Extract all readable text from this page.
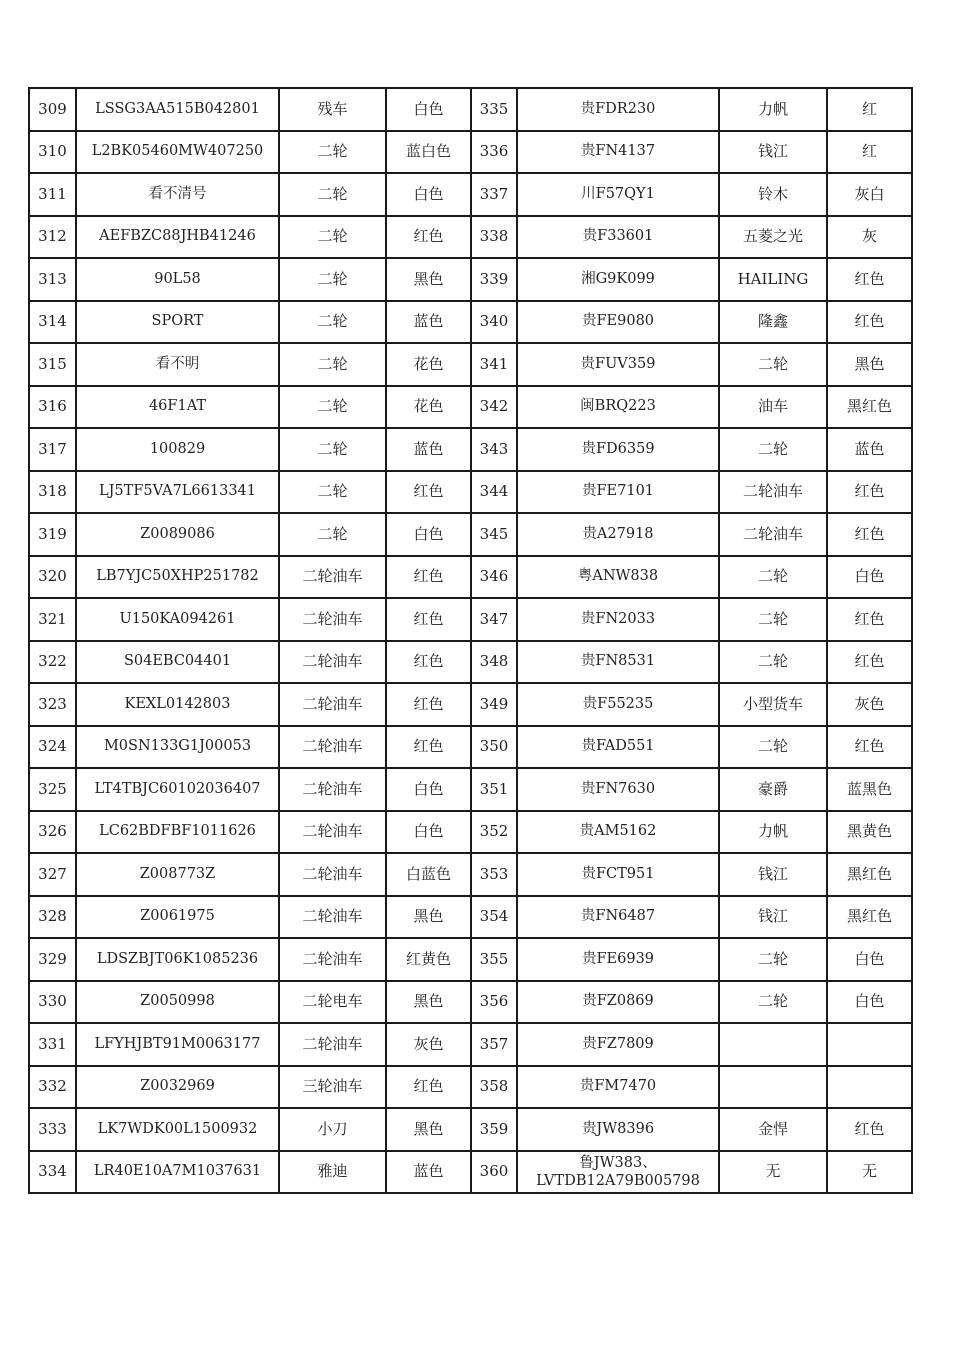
309	LSSG3AA515B042801	残车	白色	335	贵FDR230	力帆	红
310	L2BK05460MW407250	二轮	蓝白色	336	贵FN4137	钱江	红
311	看不清号	二轮	白色	337	川F57QY1	铃木	灰白
312	AEFBZC88JHB41246	二轮	红色	338	贵F33601	五菱之光	灰
313	90L58	二轮	黑色	339	湘G9K099	HAILING	红色
314	SPORT	二轮	蓝色	340	贵FE9080	隆鑫	红色
315	看不明	二轮	花色	341	贵FUV359	二轮	黑色
316	46F1AT	二轮	花色	342	闽BRQ223	油车	黑红色
317	100829	二轮	蓝色	343	贵FD6359	二轮	蓝色
318	LJ5TF5VA7L6613341	二轮	红色	344	贵FE7101	二轮油车	红色
319	Z0089086	二轮	白色	345	贵A27918	二轮油车	红色
320	LB7YJC50XHP251782	二轮油车	红色	346	粤ANW838	二轮	白色
321	U150KA094261	二轮油车	红色	347	贵FN2033	二轮	红色
322	S04EBC04401	二轮油车	红色	348	贵FN8531	二轮	红色
323	KEXL0142803	二轮油车	红色	349	贵F55235	小型货车	灰色
324	M0SN133G1J00053	二轮油车	红色	350	贵FAD551	二轮	红色
325	LT4TBJC60102036407	二轮油车	白色	351	贵FN7630	豪爵	蓝黑色
326	LC62BDFBF1011626	二轮油车	白色	352	贵AM5162	力帆	黑黄色
327	Z008773Z	二轮油车	白蓝色	353	贵FCT951	钱江	黑红色
328	Z0061975	二轮油车	黑色	354	贵FN6487	钱江	黑红色
329	LDSZBJT06K1085236	二轮油车	红黄色	355	贵FE6939	二轮	白色
330	Z0050998	二轮电车	黑色	356	贵FZ0869	二轮	白色
331	LFYHJBT91M0063177	二轮油车	灰色	357	贵FZ7809		
332	Z0032969	三轮油车	红色	358	贵FM7470		
333	LK7WDK00L1500932	小刀	黑色	359	贵JW8396	金悍	红色
334	LR40E10A7M1037631	雅迪	蓝色	360	鲁JW383、
LVTDB12A79B005798	无	无
